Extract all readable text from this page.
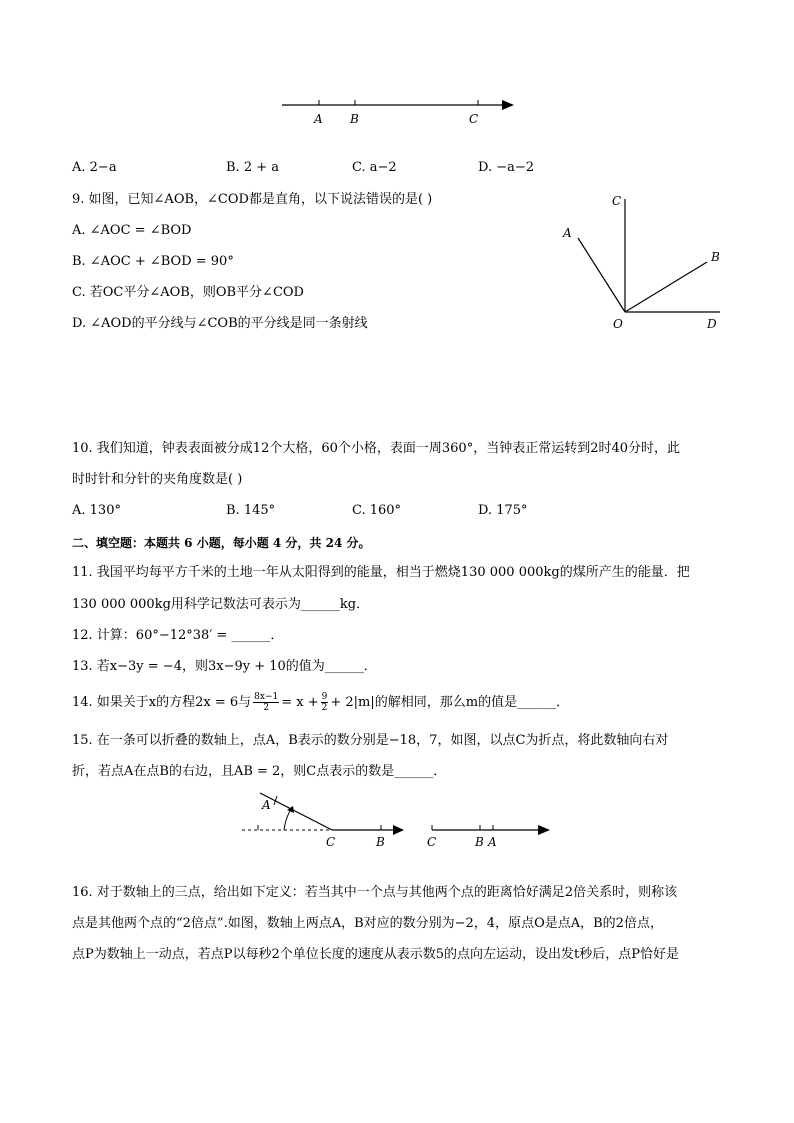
A B	C
A. 2−a	B. 2 + a	C. a−2	D. −a−2
9. 如图，已知∠AOB，∠COD都是直角，以下说法错误的是( )
A. ∠AOC = ∠BOD
B. ∠AOC + ∠BOD = 90°
C. 若OC平分∠AOB，则OB平分∠COD
D. ∠AOD的平分线与∠COB的平分线是同一条射线
C
A
B
O	D
10. 我们知道，钟表表面被分成12个大格，60个小格，表面一周360°，当钟表正常运转到2时40分时，此
时时针和分针的夹角度数是( )
A. 130°	B. 145°	C. 160°	D. 175°
二、填空题：本题共 6 小题，每小题 4 分，共 24 分。
11. 我国平均每平方千米的土地一年从太阳得到的能量，相当于燃烧130 000 000kg的煤所产生的能量．把
130 000 000kg用科学记数法可表示为______kg．
12. 计算：60°−12°38′ = ______．
13. 若x−3y = −4，则3x−9y + 10的值为______．
14. 如果关于x的方程2x = 6与 $\frac{8x-1}{2} = x + \frac{9}{2} + 2|m|$的解相同，那么m的值是______．
15. 在一条可以折叠的数轴上，点A，B表示的数分别是−18，7，如图，以点C为折点，将此数轴向右对
折，若点A在点B的右边，且AB = 2，则C点表示的数是______．
A
C	B	C	B A
16. 对于数轴上的三点，给出如下定义：若当其中一个点与其他两个点的距离恰好满足2倍关系时，则称该
点是其他两个点的“2倍点”.如图，数轴上两点A，B对应的数分别为−2，4，原点O是点A，B的2倍点，
点P为数轴上一动点，若点P以每秒2个单位长度的速度从表示数5的点向左运动，设出发t秒后，点P恰好是
